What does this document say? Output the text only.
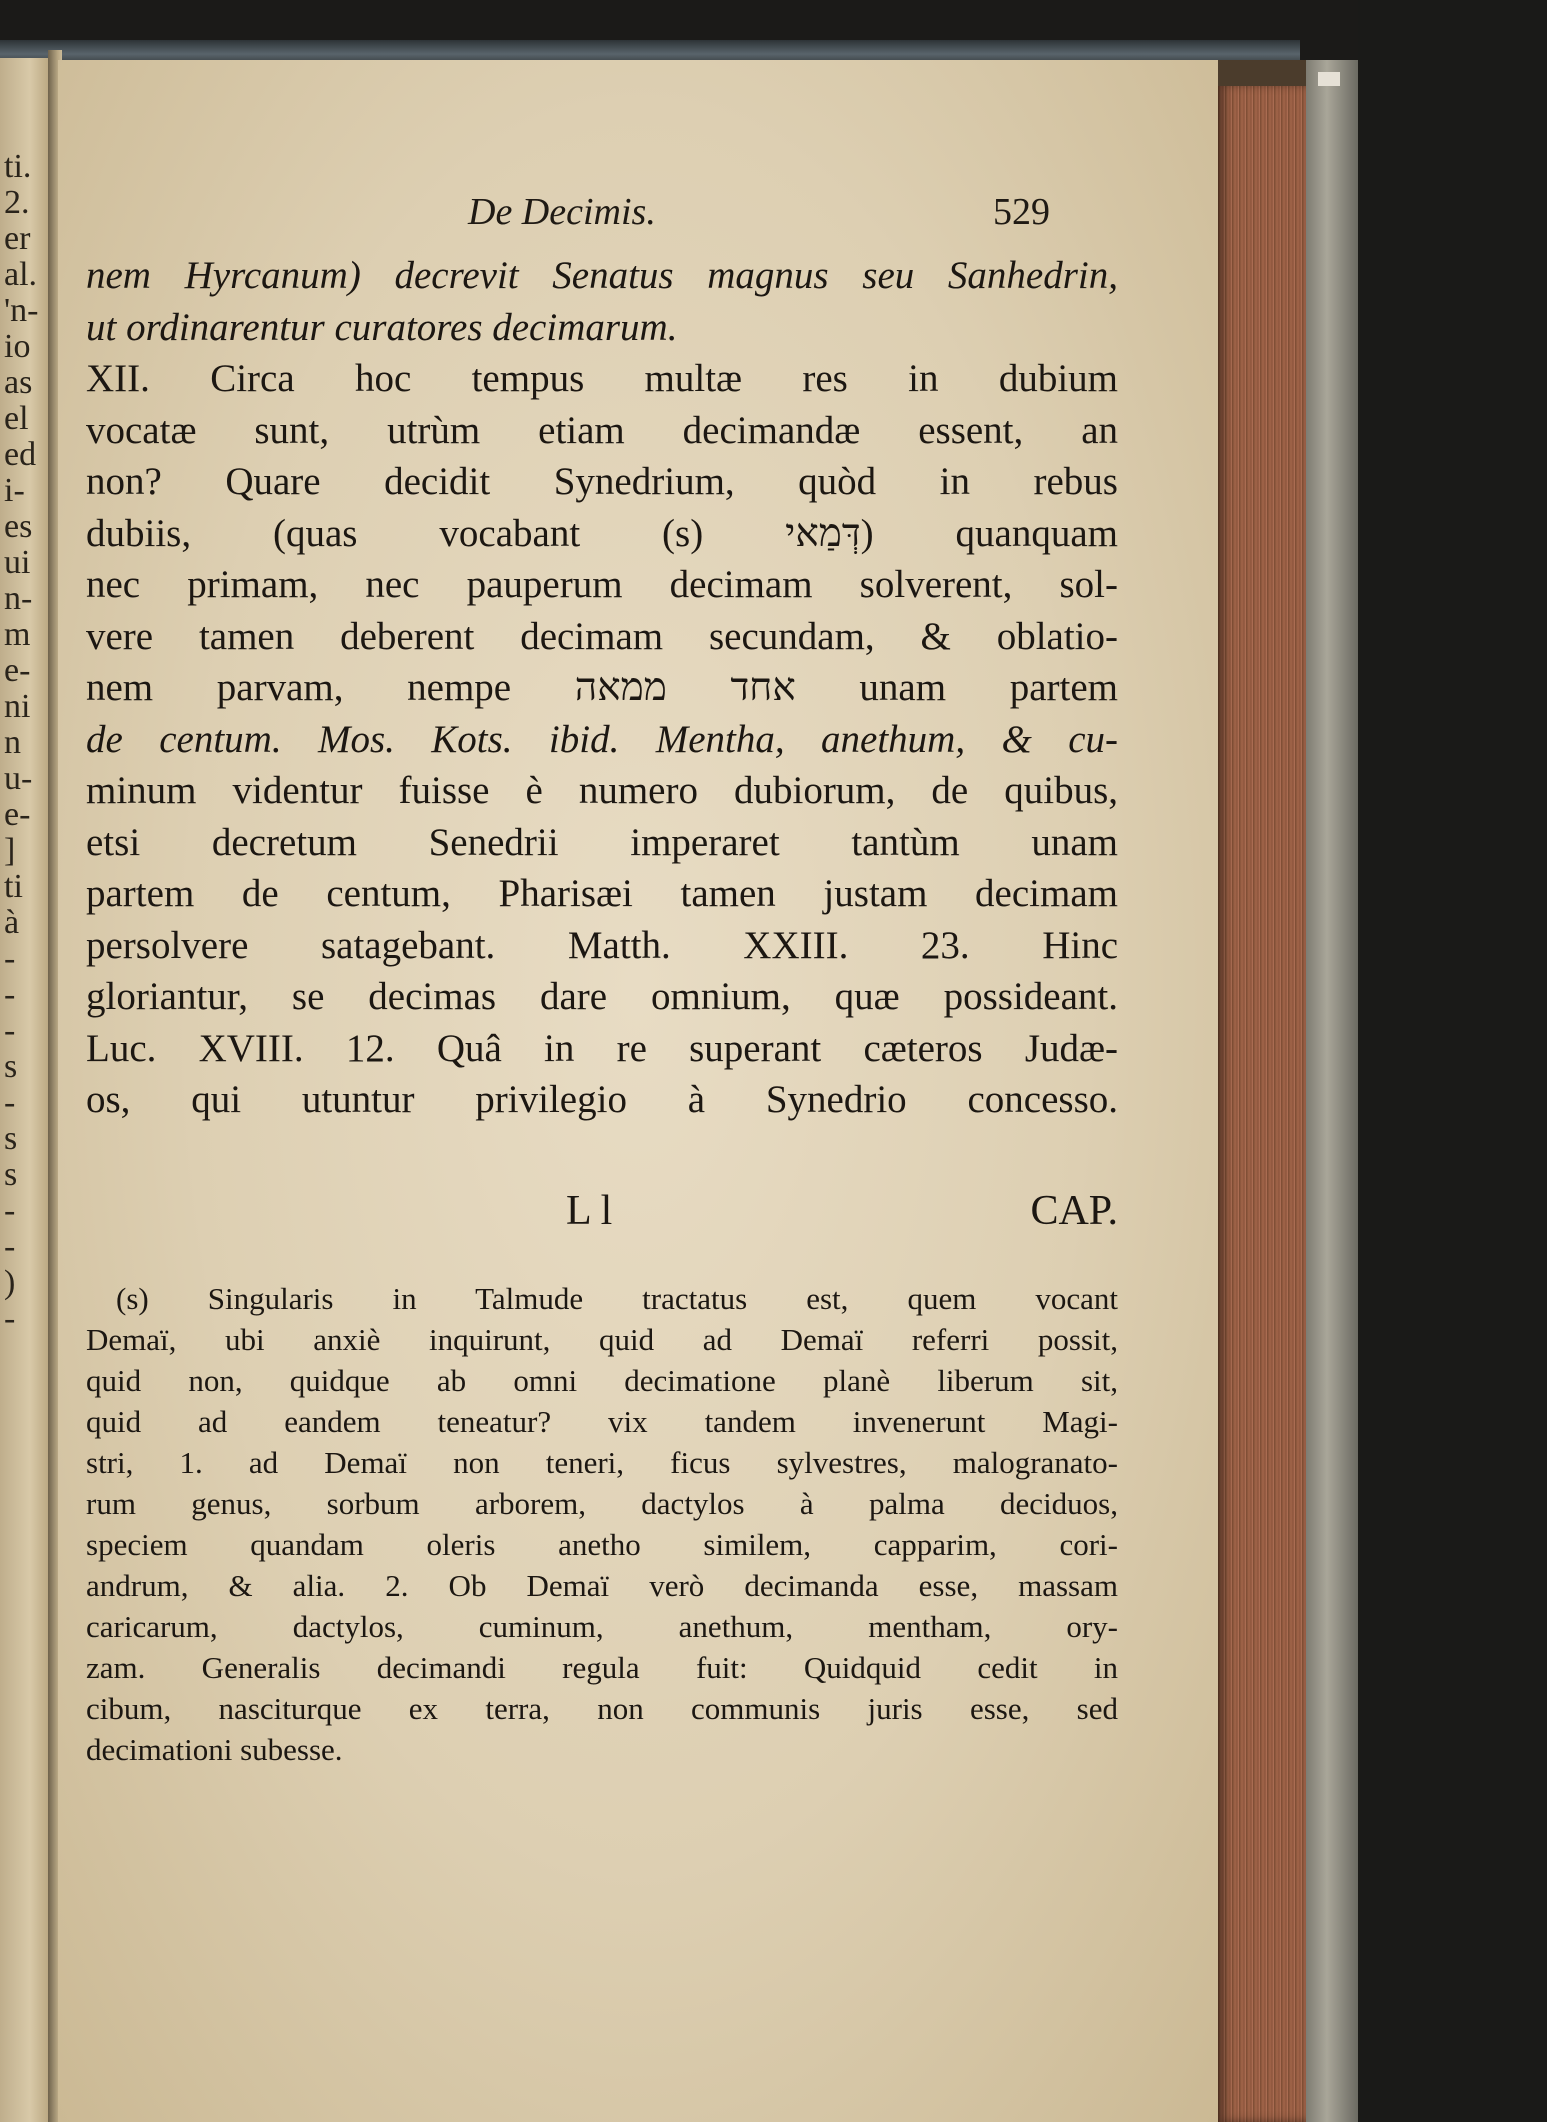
ti.
2.
er
al.
'n-
io
as
el
ed
i-
es
ui
n-
m
e-
ni
n
u-
e-
]
ti
à
-
-
-
s
-
s
s
-
-
)
-
De Decimis.	529
nem Hyrcanum) decrevit Senatus magnus seu Sanhedrin,
ut ordinarentur curatores decimarum.
XII. Circa hoc tempus multæ res in dubium
vocatæ sunt, utrùm etiam decimandæ essent, an
non? Quare decidit Synedrium, quòd in rebus
dubiis, (quas vocabant (s) דְּמַאי) quanquam
nec primam, nec pauperum decimam solverent, sol-
vere tamen deberent decimam secundam, & oblatio-
nem parvam, nempe אחד ממאה unam partem
de centum. Mos. Kots. ibid. Mentha, anethum, & cu-
minum videntur fuisse è numero dubiorum, de quibus,
etsi decretum Senedrii imperaret tantùm unam
partem de centum, Pharisæi tamen justam decimam
persolvere satagebant. Matth. XXIII. 23. Hinc
gloriantur, se decimas dare omnium, quæ possideant.
Luc. XVIII. 12. Quâ in re superant cæteros Judæ-
os, qui utuntur privilegio à Synedrio concesso.
L l	CAP.
(s) Singularis in Talmude tractatus est, quem vocant
Demaï, ubi anxiè inquirunt, quid ad Demaï referri possit,
quid non, quidque ab omni decimatione planè liberum sit,
quid ad eandem teneatur? vix tandem invenerunt Magi-
stri, 1. ad Demaï non teneri, ficus sylvestres, malogranato-
rum genus, sorbum arborem, dactylos à palma deciduos,
speciem quandam oleris anetho similem, capparim, cori-
andrum, & alia. 2. Ob Demaï verò decimanda esse, massam
caricarum, dactylos, cuminum, anethum, mentham, ory-
zam. Generalis decimandi regula fuit: Quidquid cedit in
cibum, nasciturque ex terra, non communis juris esse, sed
decimationi subesse.
